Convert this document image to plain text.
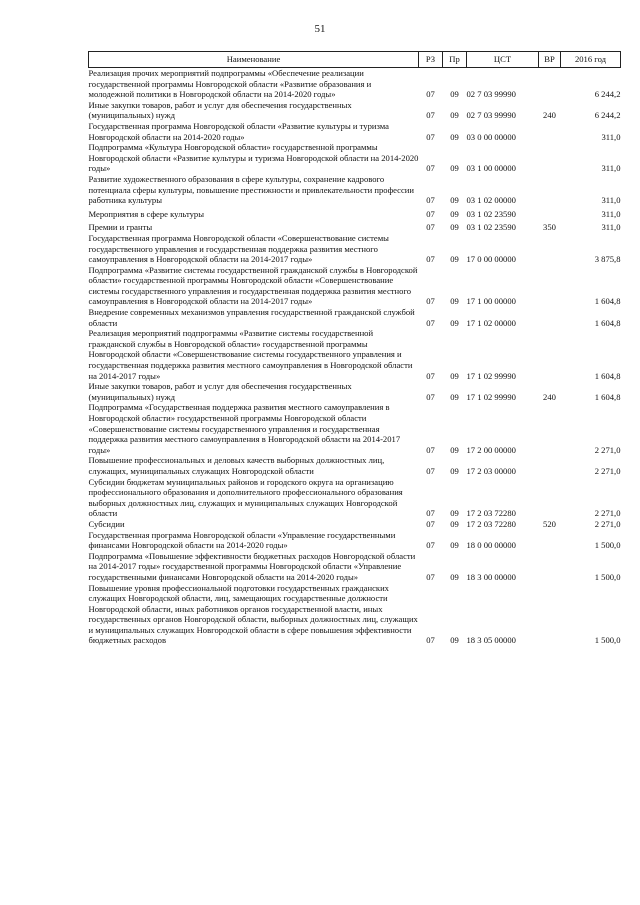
51
Наименование	РЗ	Пр	ЦСТ	ВР	2016 год
Реализация прочих мероприятий подпрограммы «Обеспечение реализации государственной программы Новгородской области «Развитие образования и молодежной политики в Новгородской области на 2014-2020 годы»	07	09	02 7 03 99990		6 244,2
Иные закупки товаров, работ и услуг для обеспечения государственных (муниципальных) нужд	07	09	02 7 03 99990	240	6 244,2
Государственная программа Новгородской области «Развитие культуры и туризма Новгородской области на 2014-2020 годы»	07	09	03 0 00 00000		311,0
Подпрограмма «Культура Новгородской области» государственной программы Новгородской области «Развитие культуры и туризма Новгородской области на 2014-2020 годы»	07	09	03 1 00 00000		311,0
Развитие художественного образования в сфере культуры, сохранение кадрового потенциала сферы культуры, повышение престижности и привлекательности профессии работника культуры	07	09	03 1 02 00000		311,0
Мероприятия в сфере культуры	07	09	03 1 02 23590		311,0
Премии и гранты	07	09	03 1 02 23590	350	311,0
Государственная программа Новгородской области «Совершенствование системы государственного управления и государственная поддержка развития местного самоуправления в Новгородской области на 2014-2017 годы»	07	09	17 0 00 00000		3 875,8
Подпрограмма «Развитие системы государственной гражданской службы в Новгородской области» государственной программы Новгородской области «Совершенствование системы государственного управления и государственная поддержка развития местного самоуправления в Новгородской области на 2014-2017 годы»	07	09	17 1 00 00000		1 604,8
Внедрение современных механизмов управления государственной гражданской службой области	07	09	17 1 02 00000		1 604,8
Реализация мероприятий подпрограммы «Развитие системы государственной гражданской службы в Новгородской области» государственной программы Новгородской области «Совершенствование системы государственного управления и государственная поддержка развития местного самоуправления в Новгородской области на 2014-2017 годы»	07	09	17 1 02 99990		1 604,8
Иные закупки товаров, работ и услуг для обеспечения государственных (муниципальных) нужд	07	09	17 1 02 99990	240	1 604,8
Подпрограмма «Государственная поддержка развития местного самоуправления в Новгородской области» государственной программы Новгородской области «Совершенствование системы государственного управления и государственная поддержка развития местного самоуправления в Новгородской области на 2014-2017 годы»	07	09	17 2 00 00000		2 271,0
Повышение профессиональных и деловых качеств выборных должностных лиц, служащих, муниципальных служащих Новгородской области	07	09	17 2 03 00000		2 271,0
Субсидии бюджетам муниципальных районов и городского округа на организацию профессионального образования и дополнительного профессионального образования выборных должностных лиц, служащих и муниципальных служащих Новгородской области	07	09	17 2 03 72280		2 271,0
Субсидии	07	09	17 2 03 72280	520	2 271,0
Государственная программа Новгородской области «Управление государственными финансами Новгородской области на 2014-2020 годы»	07	09	18 0 00 00000		1 500,0
Подпрограмма «Повышение эффективности бюджетных расходов Новгородской области на 2014-2017 годы» государственной программы Новгородской области «Управление государственными финансами Новгородской области на 2014-2020 годы»	07	09	18 3 00 00000		1 500,0
Повышение уровня профессиональной подготовки государственных гражданских служащих Новгородской области, лиц, замещающих государственные должности Новгородской области, иных работников органов государственной власти, иных государственных органов Новгородской области, выборных должностных лиц, служащих и муниципальных служащих Новгородской области в сфере повышения эффективности бюджетных расходов	07	09	18 3 05 00000		1 500,0
